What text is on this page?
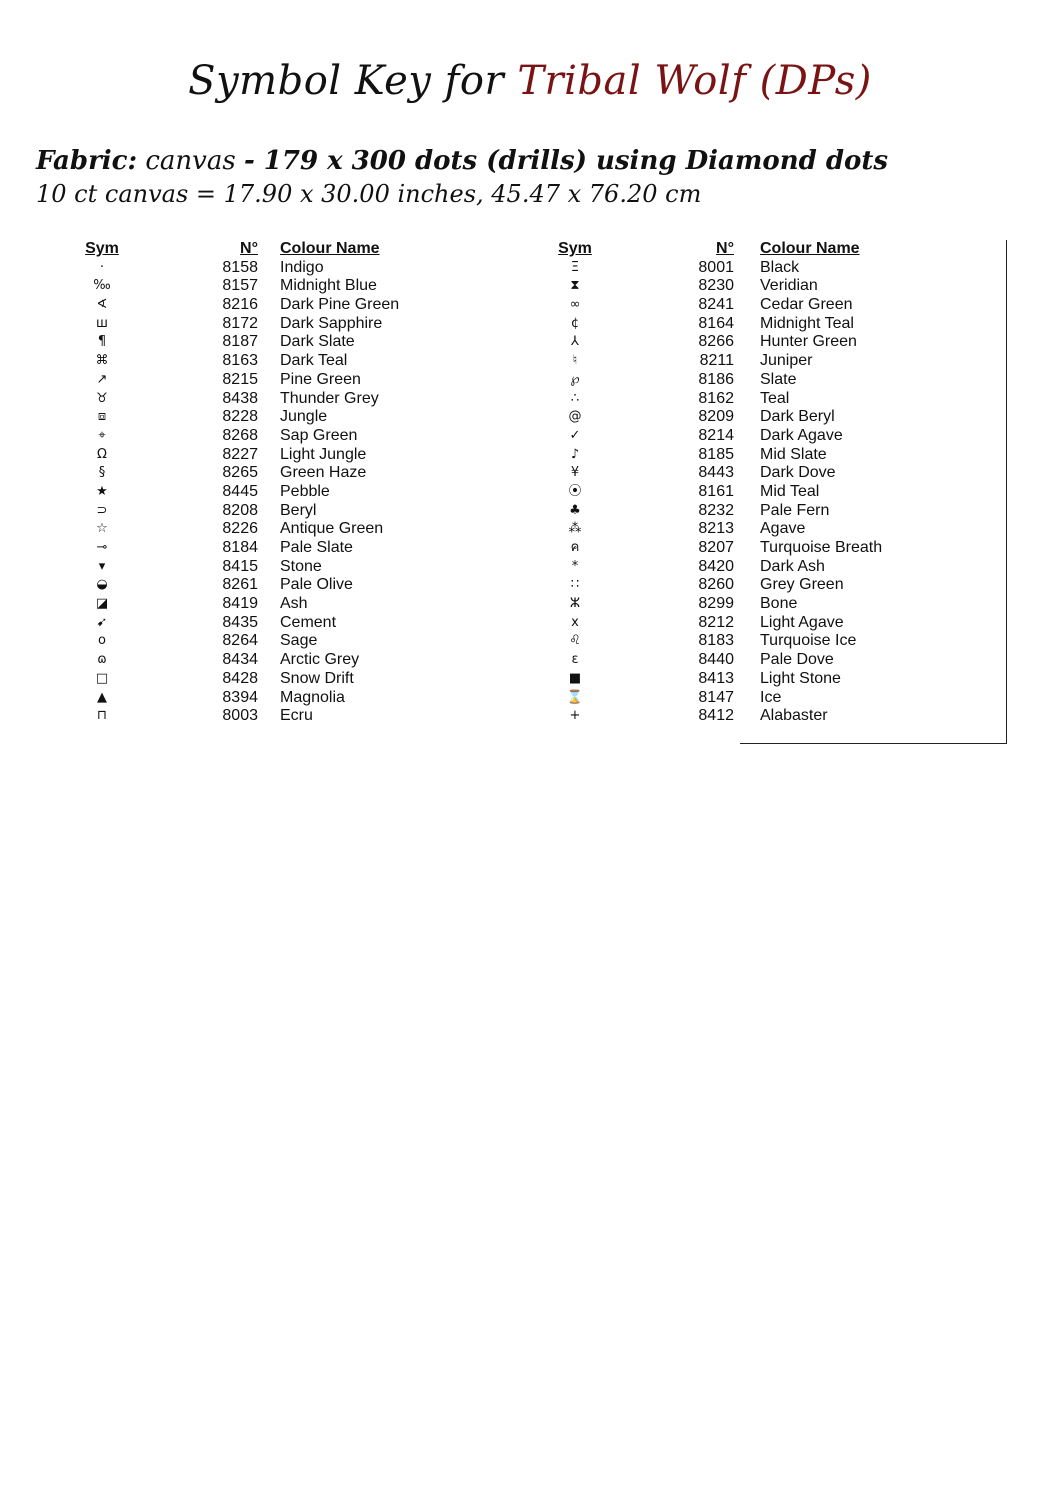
Symbol Key for Tribal Wolf (DPs)
Fabric: canvas - 179 x 300 dots (drills) using Diamond dots
10 ct canvas = 17.90 x 30.00 inches, 45.47 x 76.20 cm
Sym	N° Colour Name
·	8158 Indigo
‰	8157 Midnight Blue
∢	8216 Dark Pine Green
ш	8172 Dark Sapphire
¶	8187 Dark Slate
⌘	8163 Dark Teal
↗	8215 Pine Green
♉	8438 Thunder Grey
⧈	8228 Jungle
⌖	8268 Sap Green
Ω	8227 Light Jungle
§	8265 Green Haze
★	8445 Pebble
⊃	8208 Beryl
☆	8226 Antique Green
⊸	8184 Pale Slate
▾	8415 Stone
◒	8261 Pale Olive
◪	8419 Ash
➹	8435 Cement
o	8264 Sage
ɷ	8434 Arctic Grey
□	8428 Snow Drift
▲	8394 Magnolia
⊓	8003 Ecru
Sym	N° Colour Name
Ξ	8001 Black
⧗	8230 Veridian
∞	8241 Cedar Green
¢	8164 Midnight Teal
⅄	8266 Hunter Green
♮	8211 Juniper
℘	8186 Slate
∴	8162 Teal
@	8209 Dark Beryl
✓	8214 Dark Agave
♪	8185 Mid Slate
¥	8443 Dark Dove
⦿	8161 Mid Teal
♣	8232 Pale Fern
⁂	8213 Agave
ค	8207 Turquoise Breath
*	8420 Dark Ash
∷	8260 Grey Green
ⵣ	8299 Bone
x	8212 Light Agave
♌	8183 Turquoise Ice
ɛ	8440 Pale Dove
■	8413 Light Stone
⌛	8147 Ice
+	8412 Alabaster
